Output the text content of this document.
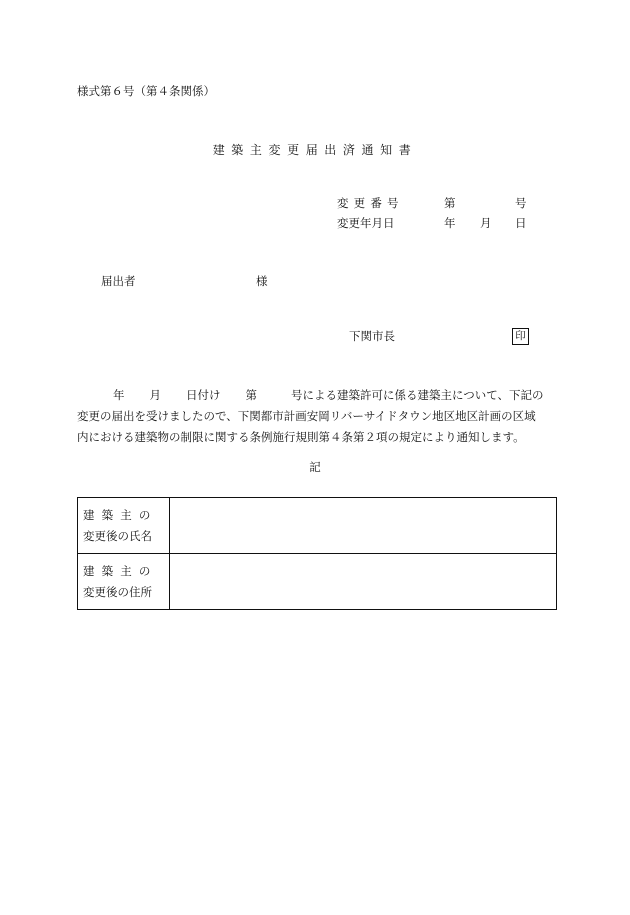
様式第６号（第４条関係）
建築主変更届出済通知書
変更番号	第	号
変更年月日	年 月 日
届出者	様
下関市長	印
年 月 日付け 第	号による建築許可に係る建築主について、下記の
変更の届出を受けましたので、下関都市計画安岡リバーサイドタウン地区地区計画の区域
内における建築物の制限に関する条例施行規則第４条第２項の規定により通知します。
記
建築主の
変更後の氏名	

建築主の
変更後の住所	
